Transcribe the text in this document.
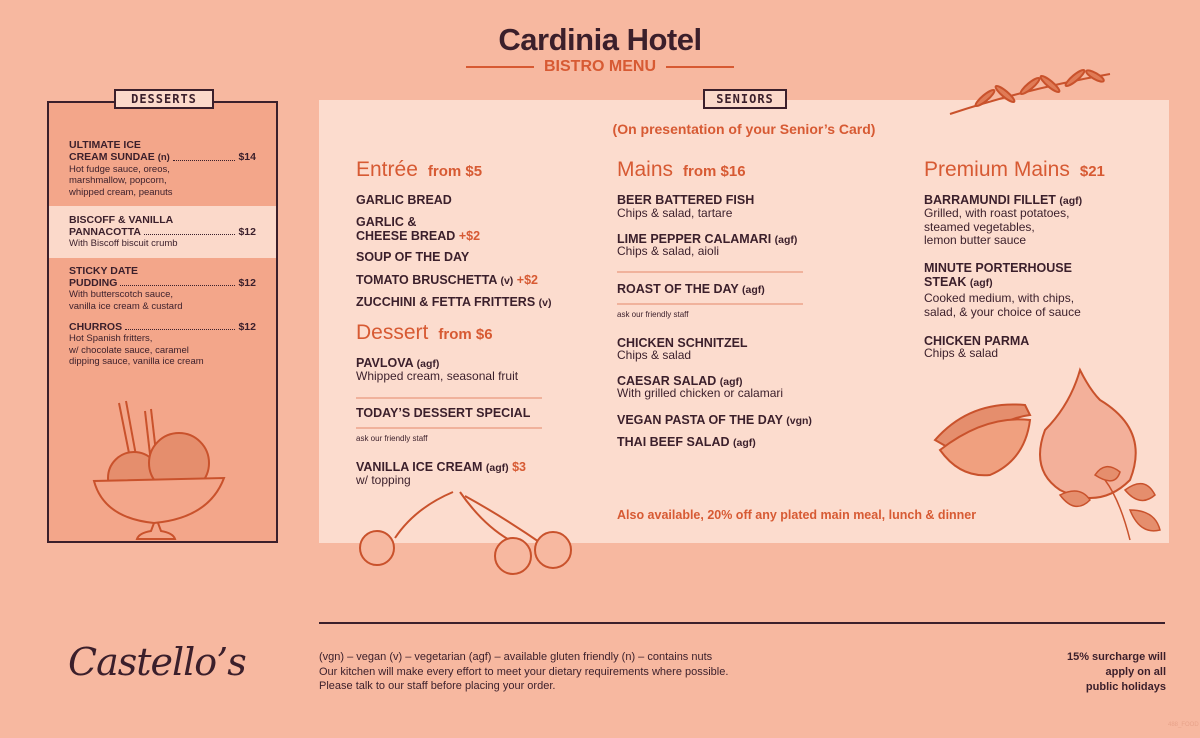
Cardinia Hotel
BISTRO MENU
ULTIMATE ICE
CREAM SUNDAE (n)	$14
Hot fudge sauce, oreos,
marshmallow, popcorn,
whipped cream, peanuts
BISCOFF & VANILLA
PANNACOTTA	$12
With Biscoff biscuit crumb
STICKY DATE
PUDDING	$12
With butterscotch sauce,
vanilla ice cream & custard
CHURROS	$12
Hot Spanish fritters,
w/ chocolate sauce, caramel
dipping sauce, vanilla ice cream
DESSERTS	SENIORS
(On presentation of your Senior’s Card)
Entrée from $5
GARLIC BREAD
GARLIC &
CHEESE BREAD +$2
SOUP OF THE DAY
TOMATO BRUSCHETTA (v) +$2
ZUCCHINI & FETTA FRITTERS (v)
Dessert from $6
PAVLOVA (agf)
Whipped cream, seasonal fruit
TODAY’S DESSERT SPECIAL
ask our friendly staff
VANILLA ICE CREAM (agf) $3
w/ topping
Mains from $16
BEER BATTERED FISH
Chips & salad, tartare
LIME PEPPER CALAMARI (agf)
Chips & salad, aioli
ROAST OF THE DAY (agf)
ask our friendly staff
CHICKEN SCHNITZEL
Chips & salad
CAESAR SALAD (agf)
With grilled chicken or calamari
VEGAN PASTA OF THE DAY (vgn)
THAI BEEF SALAD (agf)
Premium Mains $21
BARRAMUNDI FILLET (agf)
Grilled, with roast potatoes,
steamed vegetables,
lemon butter sauce
MINUTE PORTERHOUSE
STEAK (agf)
Cooked medium, with chips,
salad, & your choice of sauce
CHICKEN PARMA
Chips & salad
Also available, 20% off any plated main meal, lunch & dinner
Castello’s	(vgn) – vegan (v) – vegetarian (agf) – available gluten friendly (n) – contains nuts
Our kitchen will make every effort to meet your dietary requirements where possible.
Please talk to our staff before placing your order.
15% surcharge will
apply on all
public holidays
488_FOOD
